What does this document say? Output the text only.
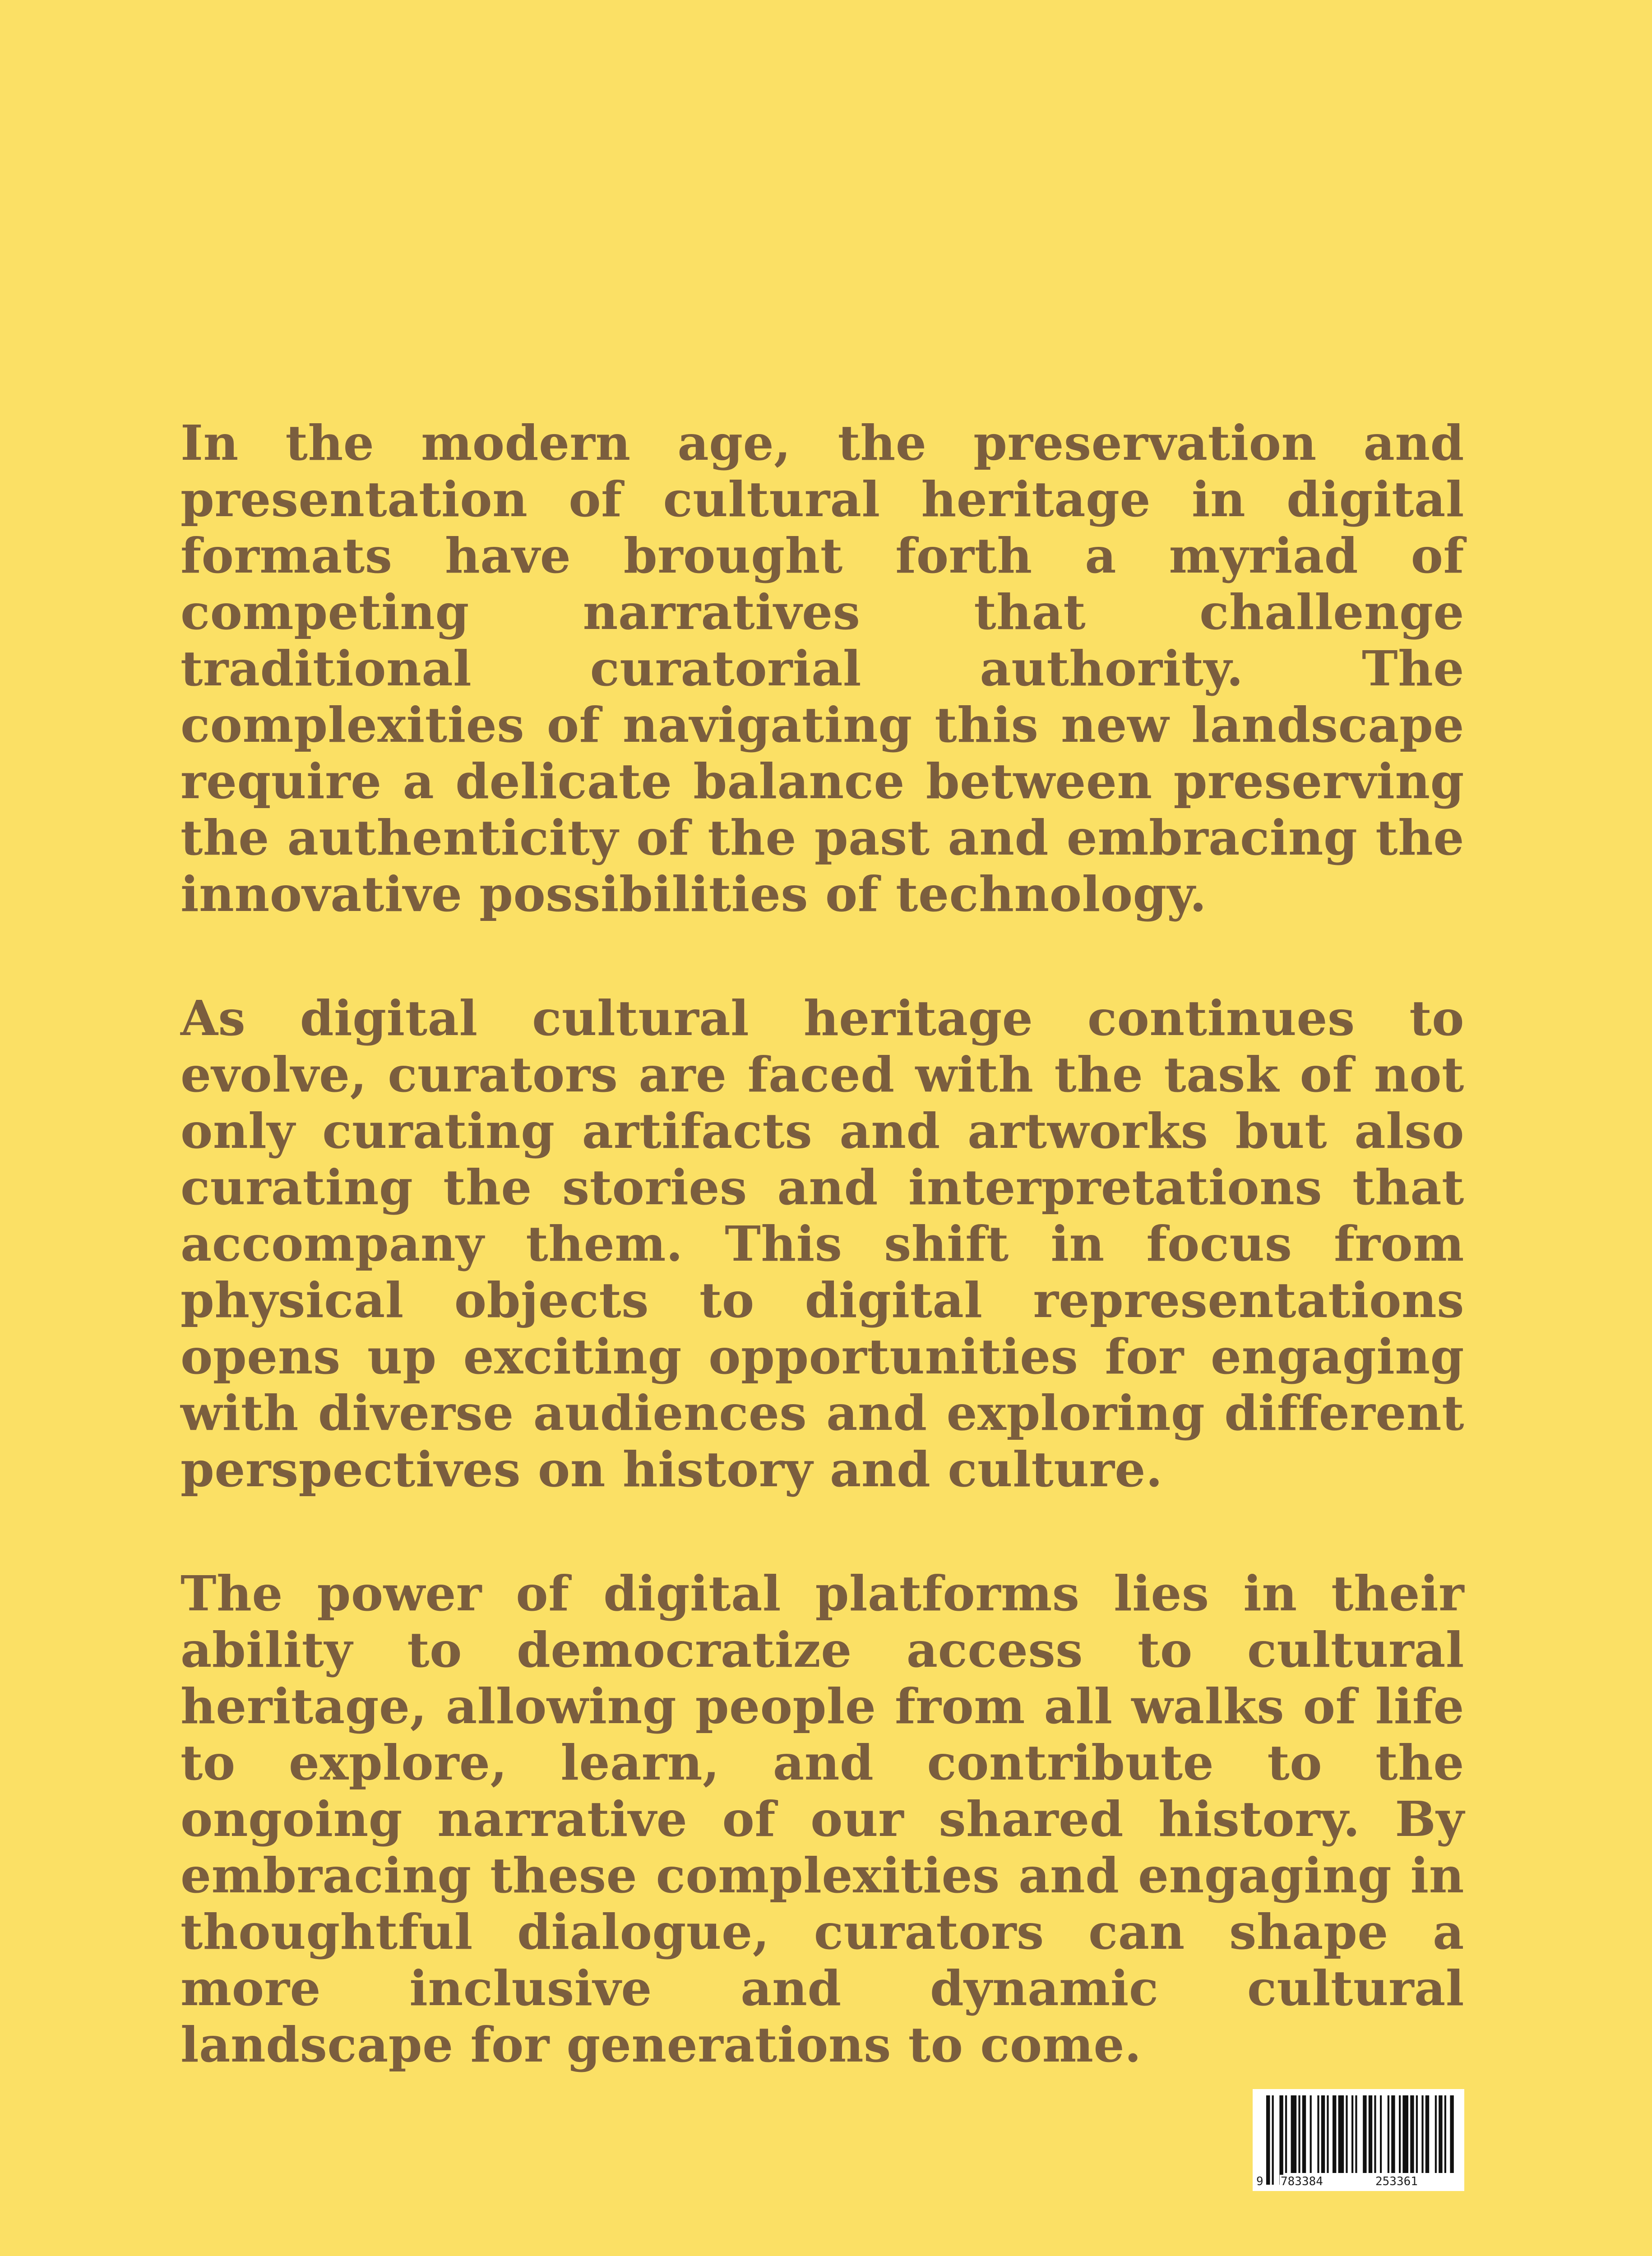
In the modern age, the preservation and presentation of cultural heritage in digital formats have brought forth a myriad of competing narratives that challenge traditional curatorial authority. The complexities of navigating this new landscape require a delicate balance between preserving the authenticity of the past and embracing the innovative possibilities of technology.

As digital cultural heritage continues to evolve, curators are faced with the task of not only curating artifacts and artworks but also curating the stories and interpretations that accompany them. This shift in focus from physical objects to digital representations opens up exciting opportunities for engaging with diverse audiences and exploring different perspectives on history and culture.

The power of digital platforms lies in their ability to democratize access to cultural heritage, allowing people from all walks of life to explore, learn, and contribute to the ongoing narrative of our shared history. By embracing these complexities and engaging in thoughtful dialogue, curators can shape a more inclusive and dynamic cultural landscape for generations to come.

9 783384	253361
